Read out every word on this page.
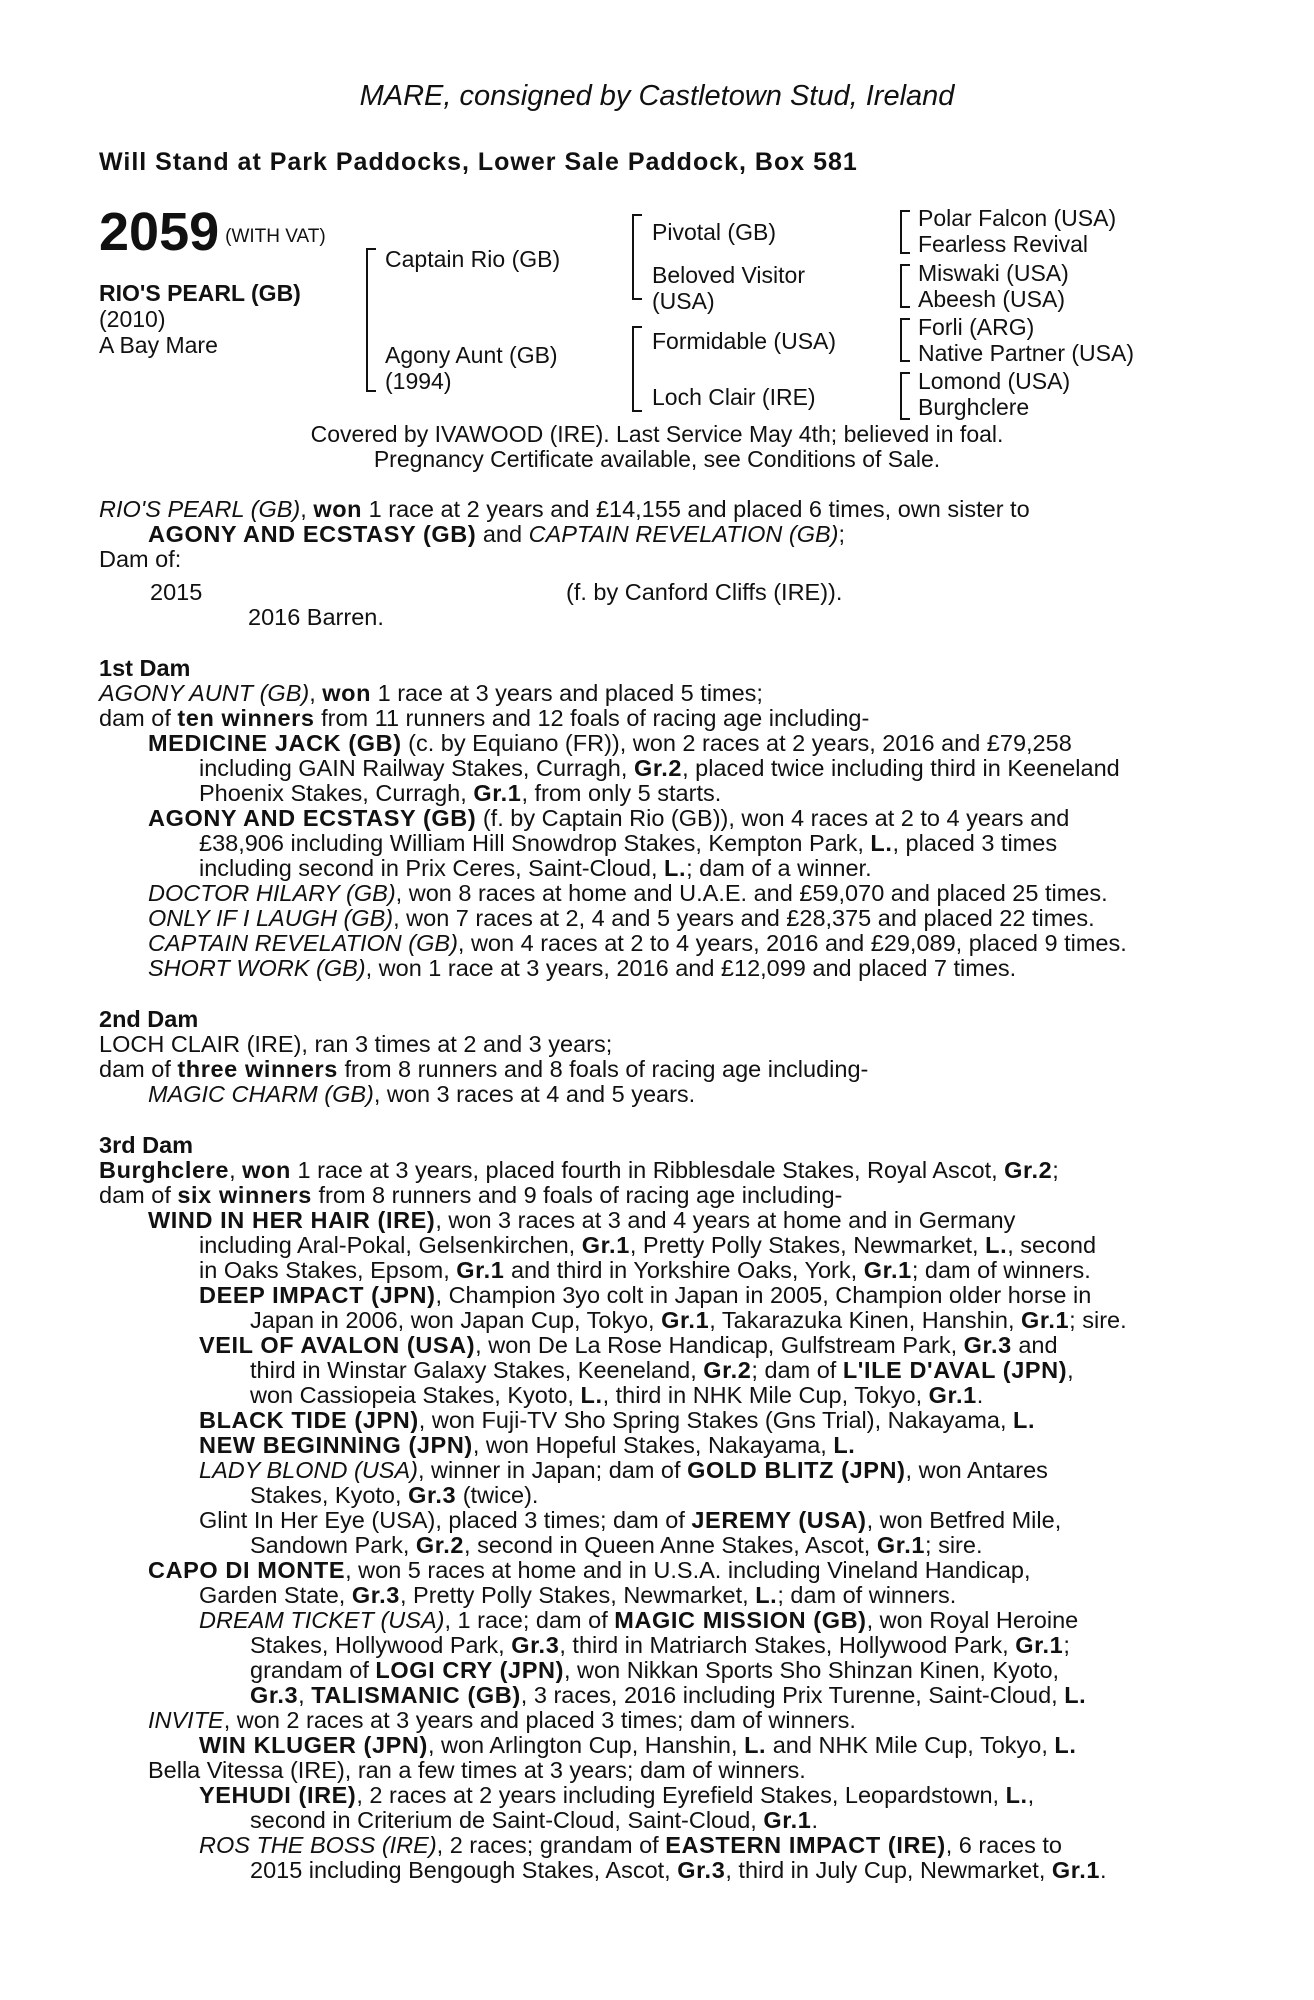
MARE, consigned by Castletown Stud, Ireland
Will Stand at Park Paddocks, Lower Sale Paddock, Box 581
2059 (WITH VAT)
RIO'S PEARL (GB)
(2010)
A Bay Mare
Captain Rio (GB)
Agony Aunt (GB)
(1994)
Pivotal (GB)
Beloved Visitor
(USA)
Formidable (USA)
Loch Clair (IRE)
Polar Falcon (USA)
Fearless Revival
Miswaki (USA)
Abeesh (USA)
Forli (ARG)
Native Partner (USA)
Lomond (USA)
Burghclere
Covered by IVAWOOD (IRE). Last Service May 4th; believed in foal.
Pregnancy Certificate available, see Conditions of Sale.
RIO'S PEARL (GB), won 1 race at 2 years and £14,155 and placed 6 times, own sister to
AGONY AND ECSTASY (GB) and CAPTAIN REVELATION (GB);
Dam of:
2015	(f. by Canford Cliffs (IRE)).
2016 Barren.
1st Dam
AGONY AUNT (GB), won 1 race at 3 years and placed 5 times;
dam of ten winners from 11 runners and 12 foals of racing age including-
MEDICINE JACK (GB) (c. by Equiano (FR)), won 2 races at 2 years, 2016 and £79,258
including GAIN Railway Stakes, Curragh, Gr.2, placed twice including third in Keeneland
Phoenix Stakes, Curragh, Gr.1, from only 5 starts.
AGONY AND ECSTASY (GB) (f. by Captain Rio (GB)), won 4 races at 2 to 4 years and
£38,906 including William Hill Snowdrop Stakes, Kempton Park, L., placed 3 times
including second in Prix Ceres, Saint-Cloud, L.; dam of a winner.
DOCTOR HILARY (GB), won 8 races at home and U.A.E. and £59,070 and placed 25 times.
ONLY IF I LAUGH (GB), won 7 races at 2, 4 and 5 years and £28,375 and placed 22 times.
CAPTAIN REVELATION (GB), won 4 races at 2 to 4 years, 2016 and £29,089, placed 9 times.
SHORT WORK (GB), won 1 race at 3 years, 2016 and £12,099 and placed 7 times.
2nd Dam
LOCH CLAIR (IRE), ran 3 times at 2 and 3 years;
dam of three winners from 8 runners and 8 foals of racing age including-
MAGIC CHARM (GB), won 3 races at 4 and 5 years.
3rd Dam
Burghclere, won 1 race at 3 years, placed fourth in Ribblesdale Stakes, Royal Ascot, Gr.2;
dam of six winners from 8 runners and 9 foals of racing age including-
WIND IN HER HAIR (IRE), won 3 races at 3 and 4 years at home and in Germany
including Aral-Pokal, Gelsenkirchen, Gr.1, Pretty Polly Stakes, Newmarket, L., second
in Oaks Stakes, Epsom, Gr.1 and third in Yorkshire Oaks, York, Gr.1; dam of winners.
DEEP IMPACT (JPN), Champion 3yo colt in Japan in 2005, Champion older horse in
Japan in 2006, won Japan Cup, Tokyo, Gr.1, Takarazuka Kinen, Hanshin, Gr.1; sire.
VEIL OF AVALON (USA), won De La Rose Handicap, Gulfstream Park, Gr.3 and
third in Winstar Galaxy Stakes, Keeneland, Gr.2; dam of L'ILE D'AVAL (JPN),
won Cassiopeia Stakes, Kyoto, L., third in NHK Mile Cup, Tokyo, Gr.1.
BLACK TIDE (JPN), won Fuji-TV Sho Spring Stakes (Gns Trial), Nakayama, L.
NEW BEGINNING (JPN), won Hopeful Stakes, Nakayama, L.
LADY BLOND (USA), winner in Japan; dam of GOLD BLITZ (JPN), won Antares
Stakes, Kyoto, Gr.3 (twice).
Glint In Her Eye (USA), placed 3 times; dam of JEREMY (USA), won Betfred Mile,
Sandown Park, Gr.2, second in Queen Anne Stakes, Ascot, Gr.1; sire.
CAPO DI MONTE, won 5 races at home and in U.S.A. including Vineland Handicap,
Garden State, Gr.3, Pretty Polly Stakes, Newmarket, L.; dam of winners.
DREAM TICKET (USA), 1 race; dam of MAGIC MISSION (GB), won Royal Heroine
Stakes, Hollywood Park, Gr.3, third in Matriarch Stakes, Hollywood Park, Gr.1;
grandam of LOGI CRY (JPN), won Nikkan Sports Sho Shinzan Kinen, Kyoto,
Gr.3, TALISMANIC (GB), 3 races, 2016 including Prix Turenne, Saint-Cloud, L.
INVITE, won 2 races at 3 years and placed 3 times; dam of winners.
WIN KLUGER (JPN), won Arlington Cup, Hanshin, L. and NHK Mile Cup, Tokyo, L.
Bella Vitessa (IRE), ran a few times at 3 years; dam of winners.
YEHUDI (IRE), 2 races at 2 years including Eyrefield Stakes, Leopardstown, L.,
second in Criterium de Saint-Cloud, Saint-Cloud, Gr.1.
ROS THE BOSS (IRE), 2 races; grandam of EASTERN IMPACT (IRE), 6 races to
2015 including Bengough Stakes, Ascot, Gr.3, third in July Cup, Newmarket, Gr.1.
